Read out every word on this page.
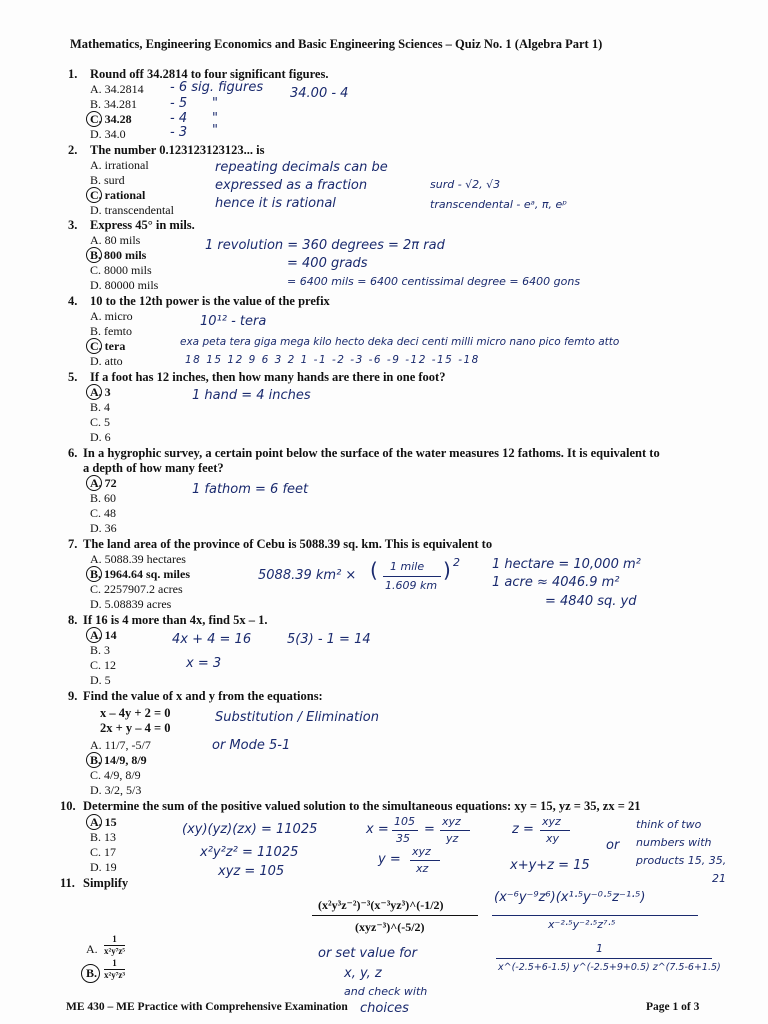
Mathematics, Engineering Economics and Basic Engineering Sciences – Quiz No. 1 (Algebra Part 1)
1. Round off 34.2814 to four significant figures.
A. 34.2814
B. 34.281
C. 34.28
D. 34.0
- 6 sig. figures
- 5
- 4
- 3
34.00 - 4
"
"
"
2. The number 0.123123123123... is
A. irrational
B. surd
C. rational
D. transcendental
repeating decimals can be
expressed as a fraction
hence it is rational
surd - √2, √3
transcendental - eᵃ, π, eᵖ
3. Express 45° in mils.
A. 80 mils
B. 800 mils
C. 8000 mils
D. 80000 mils
1 revolution = 360 degrees = 2π rad
= 400 grads
= 6400 mils = 6400 centissimal degree = 6400 gons
4. 10 to the 12th power is the value of the prefix
A. micro
B. femto
C. tera
D. atto
10¹² - tera
exa peta tera giga mega kilo hecto deka deci centi milli micro nano pico femto atto
18 15 12 9 6 3 2 1 -1 -2 -3 -6 -9 -12 -15 -18
5. If a foot has 12 inches, then how many hands are there in one foot?
A. 3
B. 4
C. 5
D. 6
1 hand = 4 inches
6. In a hygrophic survey, a certain point below the surface of the water measures 12 fathoms. It is equivalent to
a depth of how many feet?
A. 72
B. 60
C. 48
D. 36
1 fathom = 6 feet
7. The land area of the province of Cebu is 5088.39 sq. km. This is equivalent to
A. 5088.39 hectares
B. 1964.64 sq. miles
C. 2257907.2 acres
D. 5.08839 acres
5088.39 km² × ( 1 mile
1.609 km
) 2 1 hectare = 10,000 m²
1 acre ≈ 4046.9 m²
= 4840 sq. yd
8. If 16 is 4 more than 4x, find 5x – 1.
A. 14
B. 3
C. 12
D. 5
4x + 4 = 16
x = 3
5(3) - 1 = 14
9. Find the value of x and y from the equations:
x – 4y + 2 = 0
2x + y – 4 = 0
A. 11/7, -5/7
B. 14/9, 8/9
C. 4/9, 8/9
D. 3/2, 5/3
Substitution / Elimination
or Mode 5-1
10. Determine the sum of the positive valued solution to the simultaneous equations: xy = 15, yz = 35, zx = 21
A. 15
B. 13
C. 17
D. 19
(xy)(yz)(zx) = 11025
x²y²z² = 11025
xyz = 105
x =
105
35
=
xyz
yz
y =
xyz
xz
z =
xyz
xy	or
x+y+z = 15
think of two
numbers with
products 15, 35,
21
11. Simplify
(x²y³z⁻²)⁻³(x⁻³yz³)^(-1/2)
(xyz⁻³)^(-5/2)
A. $\frac{1}{\text{x²y⁷z⁵}}$
B. $\frac{1}{\text{x²y⁷z³}}$
(x⁻⁶y⁻⁹z⁶)(x¹·⁵y⁻⁰·⁵z⁻¹·⁵)
x⁻²·⁵y⁻²·⁵z⁷·⁵
1
x^(-2.5+6-1.5) y^(-2.5+9+0.5) z^(7.5-6+1.5)
or set value for
x, y, z
and check with
choices
ME 430 – ME Practice with Comprehensive Examination	Page 1 of 3
